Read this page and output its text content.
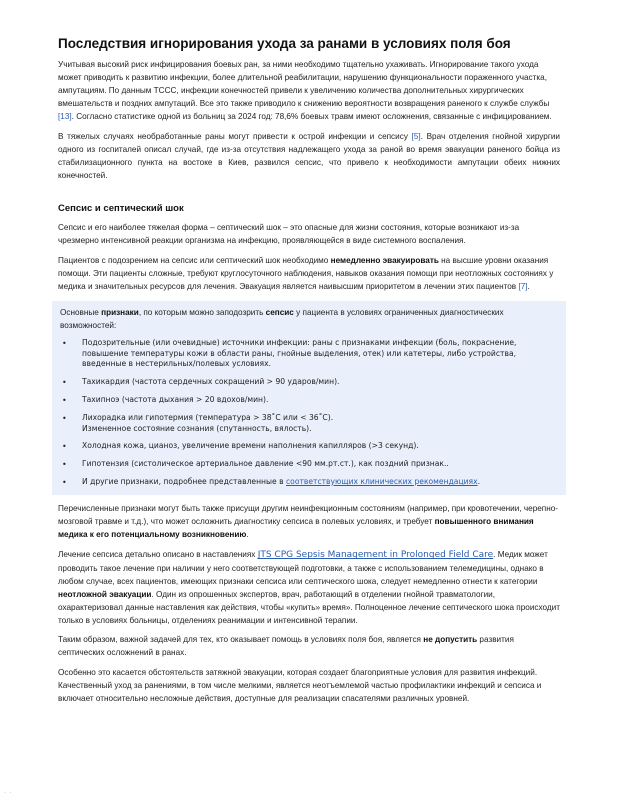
Последствия игнорирования ухода за ранами в условиях поля боя

Учитывая высокий риск инфицирования боевых ран, за ними необходимо тщательно ухаживать. Игнорирование такого ухода может приводить к развитию инфекции, более длительной реабилитации, нарушению функциональности пораженного участка, ампутациям. По данным ТССС, инфекции конечностей привели к увеличению количества дополнительных хирургических вмешательств и поздних ампутаций. Все это также приводило к снижению вероятности возвращения раненого к службе службы [13]. Согласно статистике одной из больниц за 2024 год: 78,6% боевых травм имеют осложнения, связанные с инфицированием.

В тяжелых случаях необработанные раны могут привести к острой инфекции и сепсису [5]. Врач отделения гнойной хирургии одного из госпиталей описал случай, где из-за отсутствия надлежащего ухода за раной во время эвакуации раненого бойца из стабилизационного пункта на востоке в Киев, развился сепсис, что привело к необходимости ампутации обеих нижних конечностей.

Сепсис и септический шок

Сепсис и его наиболее тяжелая форма – септический шок – это опасные для жизни состояния, которые возникают из-за чрезмерно интенсивной реакции организма на инфекцию, проявляющейся в виде системного воспаления.

Пациентов с подозрением на сепсис или септический шок необходимо немедленно эвакуировать на высшие уровни оказания помощи. Эти пациенты сложные, требуют круглосуточного наблюдения, навыков оказания помощи при неотложных состояниях у медика и значительных ресурсов для лечения. Эвакуация является наивысшим приоритетом в лечении этих пациентов [7].

Основные признаки, по которым можно заподозрить сепсис у пациента в условиях ограниченных диагностических возможностей:

• Подозрительные (или очевидные) источники инфекции: раны с признаками инфекции (боль, покраснение, повышение температуры кожи в области раны, гнойные выделения, отек) или катетеры, либо устройства, введенные в нестерильных/полевых условиях.
• Тахикардия (частота сердечных сокращений > 90 ударов/мин).
• Тахипноэ (частота дыхания > 20 вдохов/мин).
• Лихорадка или гипотермия (температура > 38˚C или < 36˚C).
Измененное состояние сознания (спутанность, вялость).
• Холодная кожа, цианоз, увеличение времени наполнения капилляров (>3 секунд).
• Гипотензия (систолическое артериальное давление <90 мм.рт.ст.), как поздний признак..
• И другие признаки, подробнее представленные в соответствующих клинических рекомендациях.

Перечисленные признаки могут быть также присущи другим неинфекционным состояниям (например, при кровотечении, черепно-мозговой травме и т.д.), что может осложнить диагностику сепсиса в полевых условиях, и требует повышенного внимания медика к его потенциальному возникновению.

Лечение сепсиса детально описано в наставлениях JTS CPG Sepsis Management in Prolonged Field Care. Медик может проводить такое лечение при наличии у него соответствующей подготовки, а также с использованием телемедицины, однако в любом случае, всех пациентов, имеющих признаки сепсиса или септического шока, следует немедленно отнести к категории неотложной эвакуации. Один из опрошенных экспертов, врач, работающий в отделении гнойной травматологии, охарактеризовал данные наставления как действия, чтобы «купить» время». Полноценное лечение септического шока происходит только в условиях больницы, отделениях реанимации и интенсивной терапии.

Таким образом, важной задачей для тех, кто оказывает помощь в условиях поля боя, является не допустить развития септических осложнений в ранах.

Особенно это касается обстоятельств затяжной эвакуации, которая создает благоприятные условия для развития инфекций. Качественный уход за ранениями, в том числе мелкими, является неотъемлемой частью профилактики инфекций и сепсиса и включает относительно несложные действия, доступные для реализации спасателями различных уровней.

· ·
